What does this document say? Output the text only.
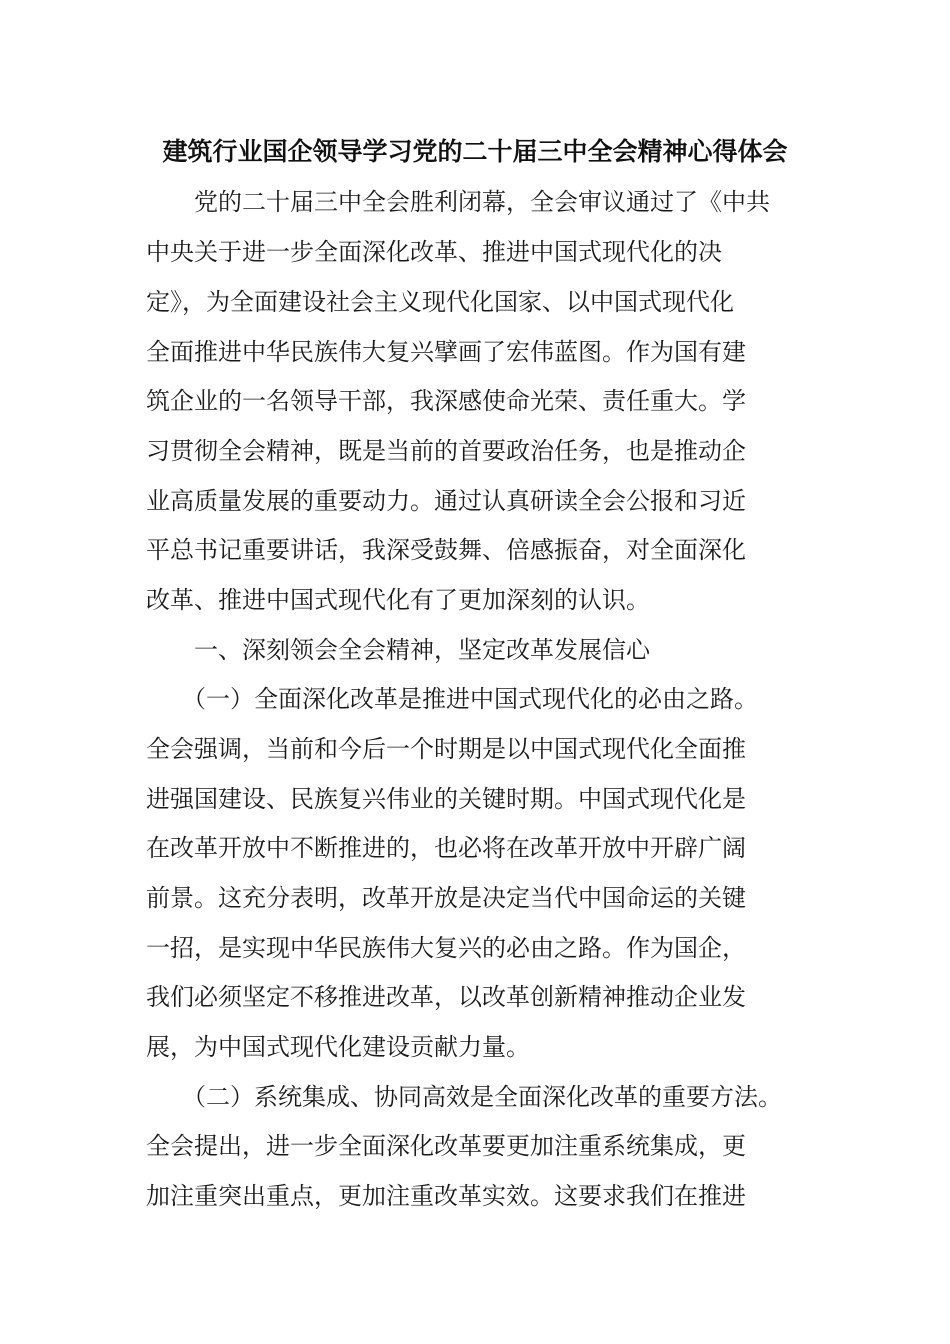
建筑行业国企领导学习党的二十届三中全会精神心得体会
　　党的二十届三中全会胜利闭幕，全会审议通过了《中共
中央关于进一步全面深化改革、推进中国式现代化的决
定》，为全面建设社会主义现代化国家、以中国式现代化
全面推进中华民族伟大复兴擘画了宏伟蓝图。作为国有建
筑企业的一名领导干部，我深感使命光荣、责任重大。学
习贯彻全会精神，既是当前的首要政治任务，也是推动企
业高质量发展的重要动力。通过认真研读全会公报和习近
平总书记重要讲话，我深受鼓舞、倍感振奋，对全面深化
改革、推进中国式现代化有了更加深刻的认识。
　　一、深刻领会全会精神，坚定改革发展信心
　　（一）全面深化改革是推进中国式现代化的必由之路。
全会强调，当前和今后一个时期是以中国式现代化全面推
进强国建设、民族复兴伟业的关键时期。中国式现代化是
在改革开放中不断推进的，也必将在改革开放中开辟广阔
前景。这充分表明，改革开放是决定当代中国命运的关键
一招，是实现中华民族伟大复兴的必由之路。作为国企，
我们必须坚定不移推进改革，以改革创新精神推动企业发
展，为中国式现代化建设贡献力量。
　　（二）系统集成、协同高效是全面深化改革的重要方法。
全会提出，进一步全面深化改革要更加注重系统集成，更
加注重突出重点，更加注重改革实效。这要求我们在推进
